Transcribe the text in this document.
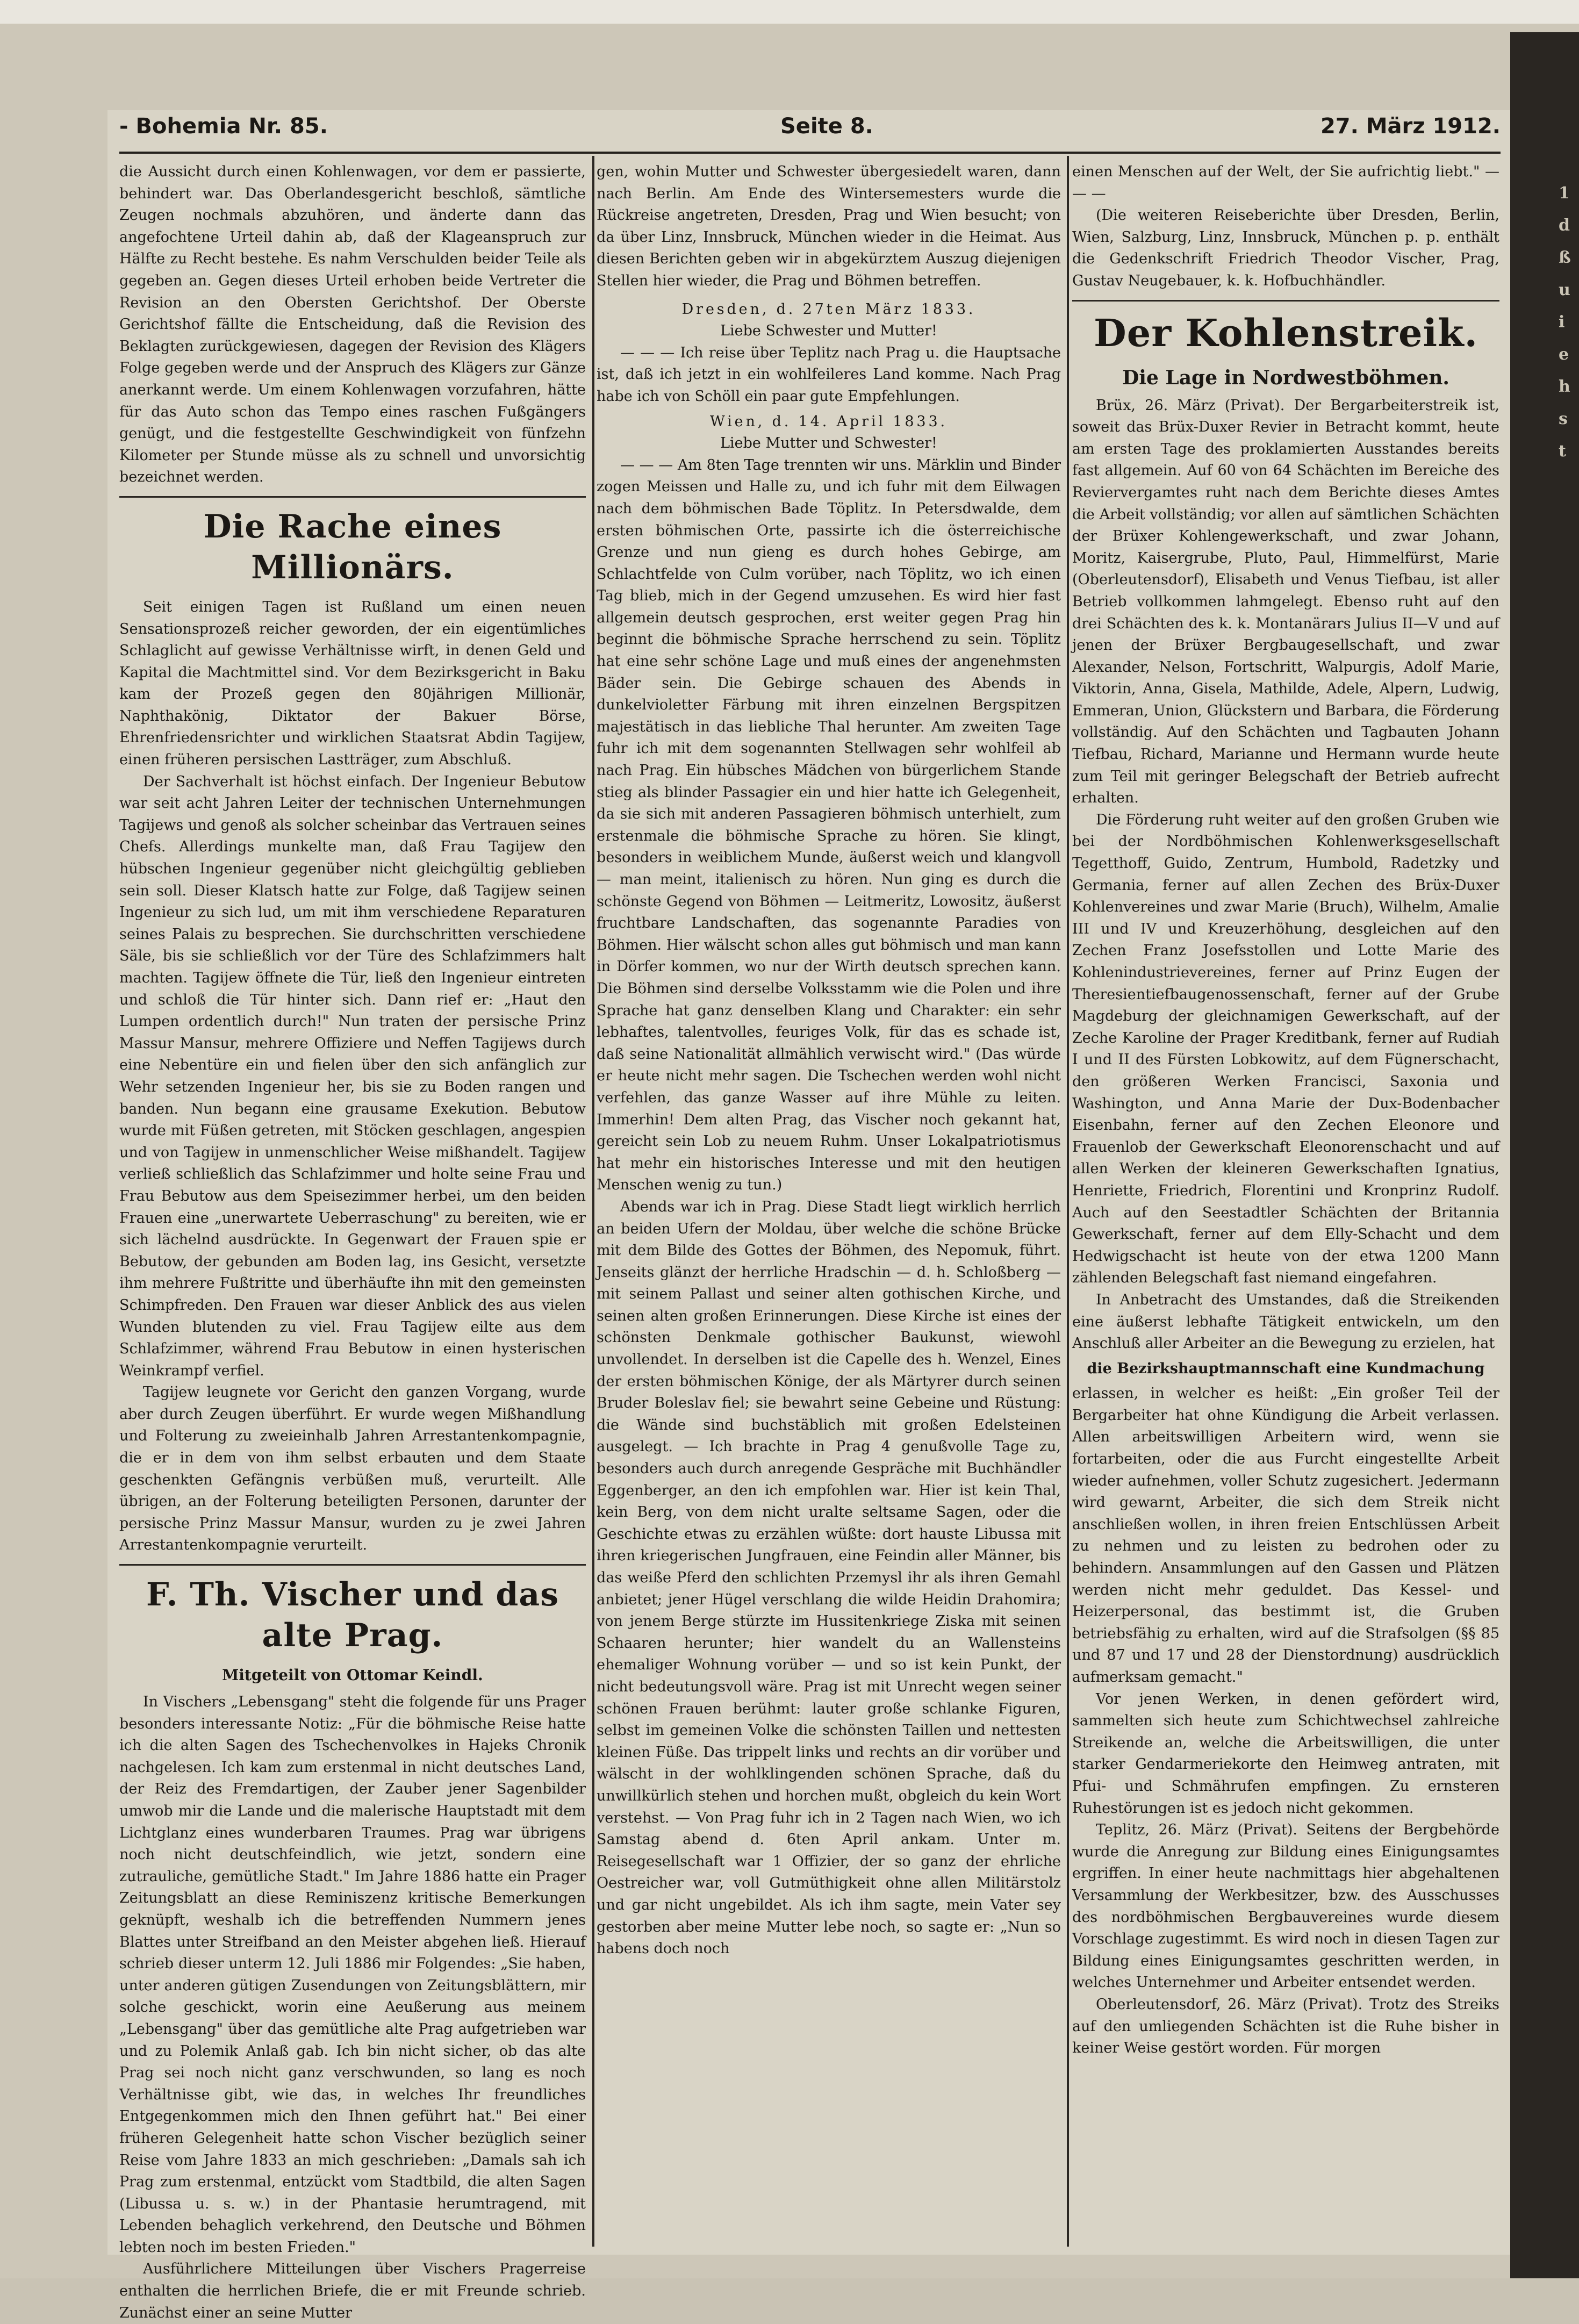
1
d
ß
u
i
e
h
s
t
- Bohemia Nr. 85.	Seite 8.	27. März 1912.

die Aussicht durch einen Kohlenwagen, vor dem er passierte, behindert war. Das Oberlandesgericht beschloß, sämtliche Zeugen nochmals abzuhören, und änderte dann das angefochtene Urteil dahin ab, daß der Klageanspruch zur Hälfte zu Recht bestehe. Es nahm Verschulden beider Teile als gegeben an. Gegen dieses Urteil erhoben beide Vertreter die Revision an den Obersten Gerichtshof. Der Oberste Gerichtshof fällte die Entscheidung, daß die Revision des Beklagten zurückgewiesen, dagegen der Revision des Klägers Folge gegeben werde und der Anspruch des Klägers zur Gänze anerkannt werde. Um einem Kohlenwagen vorzufahren, hätte für das Auto schon das Tempo eines raschen Fußgängers genügt, und die festgestellte Geschwindigkeit von fünfzehn Kilometer per Stunde müsse als zu schnell und unvorsichtig bezeichnet werden.

Die Rache eines Millionärs.

Seit einigen Tagen ist Rußland um einen neuen Sensationsprozeß reicher geworden, der ein eigentümliches Schlaglicht auf gewisse Verhältnisse wirft, in denen Geld und Kapital die Machtmittel sind. Vor dem Bezirksgericht in Baku kam der Prozeß gegen den 80jährigen Millionär, Naphthakönig, Diktator der Bakuer Börse, Ehrenfriedensrichter und wirklichen Staatsrat Abdin Tagijew, einen früheren persischen Lastträger, zum Abschluß.

Der Sachverhalt ist höchst einfach. Der Ingenieur Bebutow war seit acht Jahren Leiter der technischen Unternehmungen Tagijews und genoß als solcher scheinbar das Vertrauen seines Chefs. Allerdings munkelte man, daß Frau Tagijew den hübschen Ingenieur gegenüber nicht gleichgültig geblieben sein soll. Dieser Klatsch hatte zur Folge, daß Tagijew seinen Ingenieur zu sich lud, um mit ihm verschiedene Reparaturen seines Palais zu besprechen. Sie durchschritten verschiedene Säle, bis sie schließlich vor der Türe des Schlafzimmers halt machten. Tagijew öffnete die Tür, ließ den Ingenieur eintreten und schloß die Tür hinter sich. Dann rief er: „Haut den Lumpen ordentlich durch!" Nun traten der persische Prinz Massur Mansur, mehrere Offiziere und Neffen Tagijews durch eine Nebentüre ein und fielen über den sich anfänglich zur Wehr setzenden Ingenieur her, bis sie zu Boden rangen und banden. Nun begann eine grausame Exekution. Bebutow wurde mit Füßen getreten, mit Stöcken geschlagen, angespien und von Tagijew in unmenschlicher Weise mißhandelt. Tagijew verließ schließlich das Schlafzimmer und holte seine Frau und Frau Bebutow aus dem Speisezimmer herbei, um den beiden Frauen eine „unerwartete Ueberraschung" zu bereiten, wie er sich lächelnd ausdrückte. In Gegenwart der Frauen spie er Bebutow, der gebunden am Boden lag, ins Gesicht, versetzte ihm mehrere Fußtritte und überhäufte ihn mit den gemeinsten Schimpfreden. Den Frauen war dieser Anblick des aus vielen Wunden blutenden zu viel. Frau Tagijew eilte aus dem Schlafzimmer, während Frau Bebutow in einen hysterischen Weinkrampf verfiel.

Tagijew leugnete vor Gericht den ganzen Vorgang, wurde aber durch Zeugen überführt. Er wurde wegen Mißhandlung und Folterung zu zweieinhalb Jahren Arrestantenkompagnie, die er in dem von ihm selbst erbauten und dem Staate geschenkten Gefängnis verbüßen muß, verurteilt. Alle übrigen, an der Folterung beteiligten Personen, darunter der persische Prinz Massur Mansur, wurden zu je zwei Jahren Arrestantenkompagnie verurteilt.

F. Th. Vischer und das alte Prag.
Mitgeteilt von Ottomar Keindl.

In Vischers „Lebensgang" steht die folgende für uns Prager besonders interessante Notiz: „Für die böhmische Reise hatte ich die alten Sagen des Tschechenvolkes in Hajeks Chronik nachgelesen. Ich kam zum erstenmal in nicht deutsches Land, der Reiz des Fremdartigen, der Zauber jener Sagenbilder umwob mir die Lande und die malerische Hauptstadt mit dem Lichtglanz eines wunderbaren Traumes. Prag war übrigens noch nicht deutschfeindlich, wie jetzt, sondern eine zutrauliche, gemütliche Stadt." Im Jahre 1886 hatte ein Prager Zeitungsblatt an diese Reminiszenz kritische Bemerkungen geknüpft, weshalb ich die betreffenden Nummern jenes Blattes unter Streifband an den Meister abgehen ließ. Hierauf schrieb dieser unterm 12. Juli 1886 mir Folgendes: „Sie haben, unter anderen gütigen Zusendungen von Zeitungsblättern, mir solche geschickt, worin eine Aeußerung aus meinem „Lebensgang" über das gemütliche alte Prag aufgetrieben war und zu Polemik Anlaß gab. Ich bin nicht sicher, ob das alte Prag sei noch nicht ganz verschwunden, so lang es noch Verhältnisse gibt, wie das, in welches Ihr freundliches Entgegenkommen mich den Ihnen geführt hat." Bei einer früheren Gelegenheit hatte schon Vischer bezüglich seiner Reise vom Jahre 1833 an mich geschrieben: „Damals sah ich Prag zum erstenmal, entzückt vom Stadtbild, die alten Sagen (Libussa u. s. w.) in der Phantasie herumtragend, mit Lebenden behaglich verkehrend, den Deutsche und Böhmen lebten noch im besten Frieden."

Ausführlichere Mitteilungen über Vischers Pragerreise enthalten die herrlichen Briefe, die er mit Freunde schrieb. Zunächst einer an seine Mutter

gen, wohin Mutter und Schwester übergesiedelt waren, dann nach Berlin. Am Ende des Wintersemesters wurde die Rückreise angetreten, Dresden, Prag und Wien besucht; von da über Linz, Innsbruck, München wieder in die Heimat. Aus diesen Berichten geben wir in abgekürztem Auszug diejenigen Stellen hier wieder, die Prag und Böhmen betreffen.

Dresden, d. 27ten März 1833.

Liebe Schwester und Mutter!

— — — Ich reise über Teplitz nach Prag u. die Hauptsache ist, daß ich jetzt in ein wohlfeileres Land komme. Nach Prag habe ich von Schöll ein paar gute Empfehlungen.

Wien, d. 14. April 1833.

Liebe Mutter und Schwester!

— — — Am 8ten Tage trennten wir uns. Märklin und Binder zogen Meissen und Halle zu, und ich fuhr mit dem Eilwagen nach dem böhmischen Bade Töplitz. In Petersdwalde, dem ersten böhmischen Orte, passirte ich die österreichische Grenze und nun gieng es durch hohes Gebirge, am Schlachtfelde von Culm vorüber, nach Töplitz, wo ich einen Tag blieb, mich in der Gegend umzusehen. Es wird hier fast allgemein deutsch gesprochen, erst weiter gegen Prag hin beginnt die böhmische Sprache herrschend zu sein. Töplitz hat eine sehr schöne Lage und muß eines der angenehmsten Bäder sein. Die Gebirge schauen des Abends in dunkelvioletter Färbung mit ihren einzelnen Bergspitzen majestätisch in das liebliche Thal herunter. Am zweiten Tage fuhr ich mit dem sogenannten Stellwagen sehr wohlfeil ab nach Prag. Ein hübsches Mädchen von bürgerlichem Stande stieg als blinder Passagier ein und hier hatte ich Gelegenheit, da sie sich mit anderen Passagieren böhmisch unterhielt, zum erstenmale die böhmische Sprache zu hören. Sie klingt, besonders in weiblichem Munde, äußerst weich und klangvoll — man meint, italienisch zu hören. Nun ging es durch die schönste Gegend von Böhmen — Leitmeritz, Lowositz, äußerst fruchtbare Landschaften, das sogenannte Paradies von Böhmen. Hier wälscht schon alles gut böhmisch und man kann in Dörfer kommen, wo nur der Wirth deutsch sprechen kann. Die Böhmen sind derselbe Volksstamm wie die Polen und ihre Sprache hat ganz denselben Klang und Charakter: ein sehr lebhaftes, talentvolles, feuriges Volk, für das es schade ist, daß seine Nationalität allmählich verwischt wird." (Das würde er heute nicht mehr sagen. Die Tschechen werden wohl nicht verfehlen, das ganze Wasser auf ihre Mühle zu leiten. Immerhin! Dem alten Prag, das Vischer noch gekannt hat, gereicht sein Lob zu neuem Ruhm. Unser Lokalpatriotismus hat mehr ein historisches Interesse und mit den heutigen Menschen wenig zu tun.)

Abends war ich in Prag. Diese Stadt liegt wirklich herrlich an beiden Ufern der Moldau, über welche die schöne Brücke mit dem Bilde des Gottes der Böhmen, des Nepomuk, führt. Jenseits glänzt der herrliche Hradschin — d. h. Schloßberg — mit seinem Pallast und seiner alten gothischen Kirche, und seinen alten großen Erinnerungen. Diese Kirche ist eines der schönsten Denkmale gothischer Baukunst, wiewohl unvollendet. In derselben ist die Capelle des h. Wenzel, Eines der ersten böhmischen Könige, der als Märtyrer durch seinen Bruder Boleslav fiel; sie bewahrt seine Gebeine und Rüstung: die Wände sind buchstäblich mit großen Edelsteinen ausgelegt. — Ich brachte in Prag 4 genußvolle Tage zu, besonders auch durch anregende Gespräche mit Buchhändler Eggenberger, an den ich empfohlen war. Hier ist kein Thal, kein Berg, von dem nicht uralte seltsame Sagen, oder die Geschichte etwas zu erzählen wüßte: dort hauste Libussa mit ihren kriegerischen Jungfrauen, eine Feindin aller Männer, bis das weiße Pferd den schlichten Przemysl ihr als ihren Gemahl anbietet; jener Hügel verschlang die wilde Heidin Drahomira; von jenem Berge stürzte im Hussitenkriege Ziska mit seinen Schaaren herunter; hier wandelt du an Wallensteins ehemaliger Wohnung vorüber — und so ist kein Punkt, der nicht bedeutungsvoll wäre. Prag ist mit Unrecht wegen seiner schönen Frauen berühmt: lauter große schlanke Figuren, selbst im gemeinen Volke die schönsten Taillen und nettesten kleinen Füße. Das trippelt links und rechts an dir vorüber und wälscht in der wohlklingenden schönen Sprache, daß du unwillkürlich stehen und horchen mußt, obgleich du kein Wort verstehst. — Von Prag fuhr ich in 2 Tagen nach Wien, wo ich Samstag abend d. 6ten April ankam. Unter m. Reisegesellschaft war 1 Offizier, der so ganz der ehrliche Oestreicher war, voll Gutmüthigkeit ohne allen Militärstolz und gar nicht ungebildet. Als ich ihm sagte, mein Vater sey gestorben aber meine Mutter lebe noch, so sagte er: „Nun so habens doch noch

einen Menschen auf der Welt, der Sie aufrichtig liebt." — — —

(Die weiteren Reiseberichte über Dresden, Berlin, Wien, Salzburg, Linz, Innsbruck, München p. p. enthält die Gedenkschrift Friedrich Theodor Vischer, Prag, Gustav Neugebauer, k. k. Hofbuchhändler.

Der Kohlenstreik.
Die Lage in Nordwestböhmen.

Brüx, 26. März (Privat). Der Bergarbeiterstreik ist, soweit das Brüx-Duxer Revier in Betracht kommt, heute am ersten Tage des proklamierten Ausstandes bereits fast allgemein. Auf 60 von 64 Schächten im Bereiche des Reviervergamtes ruht nach dem Berichte dieses Amtes die Arbeit vollständig; vor allen auf sämtlichen Schächten der Brüxer Kohlengewerkschaft, und zwar Johann, Moritz, Kaisergrube, Pluto, Paul, Himmelfürst, Marie (Oberleutensdorf), Elisabeth und Venus Tiefbau, ist aller Betrieb vollkommen lahmgelegt. Ebenso ruht auf den drei Schächten des k. k. Montanärars Julius II—V und auf jenen der Brüxer Bergbaugesellschaft, und zwar Alexander, Nelson, Fortschritt, Walpurgis, Adolf Marie, Viktorin, Anna, Gisela, Mathilde, Adele, Alpern, Ludwig, Emmeran, Union, Glückstern und Barbara, die Förderung vollständig. Auf den Schächten und Tagbauten Johann Tiefbau, Richard, Marianne und Hermann wurde heute zum Teil mit geringer Belegschaft der Betrieb aufrecht erhalten.

Die Förderung ruht weiter auf den großen Gruben wie bei der Nordböhmischen Kohlenwerksgesellschaft Tegetthoff, Guido, Zentrum, Humbold, Radetzky und Germania, ferner auf allen Zechen des Brüx-Duxer Kohlenvereines und zwar Marie (Bruch), Wilhelm, Amalie III und IV und Kreuzerhöhung, desgleichen auf den Zechen Franz Josefsstollen und Lotte Marie des Kohlenindustrievereines, ferner auf Prinz Eugen der Theresientiefbaugenossenschaft, ferner auf der Grube Magdeburg der gleichnamigen Gewerkschaft, auf der Zeche Karoline der Prager Kreditbank, ferner auf Rudiah I und II des Fürsten Lobkowitz, auf dem Fügnerschacht, den größeren Werken Francisci, Saxonia und Washington, und Anna Marie der Dux-Bodenbacher Eisenbahn, ferner auf den Zechen Eleonore und Frauenlob der Gewerkschaft Eleonorenschacht und auf allen Werken der kleineren Gewerkschaften Ignatius, Henriette, Friedrich, Florentini und Kronprinz Rudolf. Auch auf den Seestadtler Schächten der Britannia Gewerkschaft, ferner auf dem Elly-Schacht und dem Hedwigschacht ist heute von der etwa 1200 Mann zählenden Belegschaft fast niemand eingefahren.

In Anbetracht des Umstandes, daß die Streikenden eine äußerst lebhafte Tätigkeit entwickeln, um den Anschluß aller Arbeiter an die Bewegung zu erzielen, hat

die Bezirkshauptmannschaft eine Kundmachung

erlassen, in welcher es heißt: „Ein großer Teil der Bergarbeiter hat ohne Kündigung die Arbeit verlassen. Allen arbeitswilligen Arbeitern wird, wenn sie fortarbeiten, oder die aus Furcht eingestellte Arbeit wieder aufnehmen, voller Schutz zugesichert. Jedermann wird gewarnt, Arbeiter, die sich dem Streik nicht anschließen wollen, in ihren freien Entschlüssen Arbeit zu nehmen und zu leisten zu bedrohen oder zu behindern. Ansammlungen auf den Gassen und Plätzen werden nicht mehr geduldet. Das Kessel- und Heizerpersonal, das bestimmt ist, die Gruben betriebsfähig zu erhalten, wird auf die Strafsolgen (§§ 85 und 87 und 17 und 28 der Dienstordnung) ausdrücklich aufmerksam gemacht."

Vor jenen Werken, in denen gefördert wird, sammelten sich heute zum Schichtwechsel zahlreiche Streikende an, welche die Arbeitswilligen, die unter starker Gendarmeriekorte den Heimweg antraten, mit Pfui- und Schmährufen empfingen. Zu ernsteren Ruhestörungen ist es jedoch nicht gekommen.

Teplitz, 26. März (Privat). Seitens der Bergbehörde wurde die Anregung zur Bildung eines Einigungsamtes ergriffen. In einer heute nachmittags hier abgehaltenen Versammlung der Werkbesitzer, bzw. des Ausschusses des nordböhmischen Bergbauvereines wurde diesem Vorschlage zugestimmt. Es wird noch in diesen Tagen zur Bildung eines Einigungsamtes geschritten werden, in welches Unternehmer und Arbeiter entsendet werden.

Oberleutensdorf, 26. März (Privat). Trotz des Streiks auf den umliegenden Schächten ist die Ruhe bisher in keiner Weise gestört worden. Für morgen
